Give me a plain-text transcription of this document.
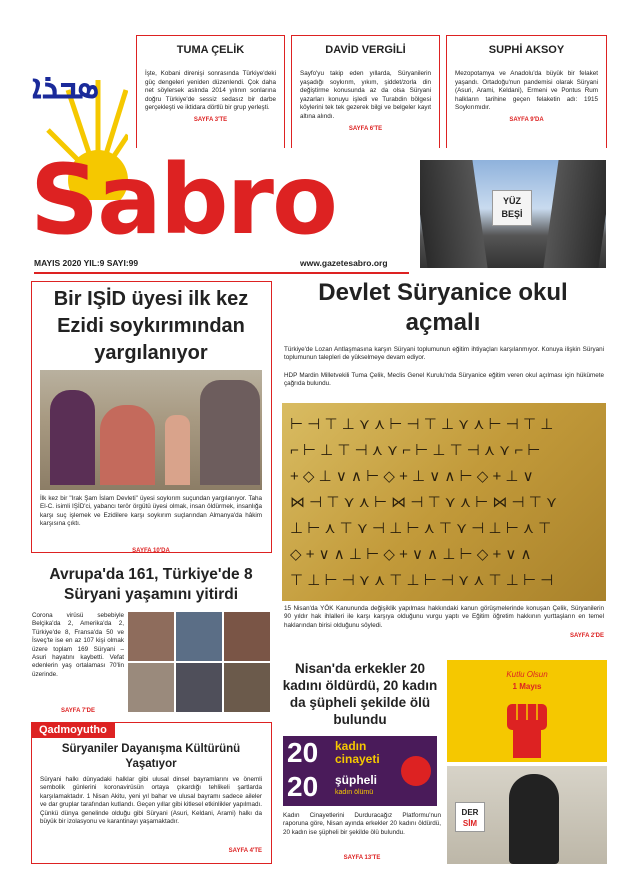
TUMA ÇELİK
İşte, Kobani direnişi sonrasında Türkiye'deki güç dengeleri yeniden düzenlendi. Çok daha net söylersek aslında 2014 yılının sonlarına doğru Türkiye'de sessiz sedasız bir darbe gerçekleşti ve iktidara dörtlü bir grup yerleşti.
SAYFA 3'TE
DAVİD VERGİLİ
Sayfo'yu takip eden yıllarda, Süryanilerin yaşadığı soykırım, yıkım, şiddet/zorla din değiştirme konusunda az da olsa Süryani yazarları konuyu işledi ve Turabdin bölgesi köylerini tek tek gezerek bilgi ve belgeler kayıt altına alındı.
SAYFA 6'TE
SUPHİ AKSOY
Mezopotamya ve Anadolu'da büyük bir felaket yaşandı. Ortadoğu'nun pandemisi olarak Süryani (Asuri, Arami, Keldani), Ermeni ve Pontus Rum halkların tarihine geçen felaketin adı: 1915 Soykırımıdır.
SAYFA 9'DA
ܣܒܪܐ
Sabro
MAYIS 2020 YIL:9 SAYI:99	www.gazetesabro.org
YÜZ
BEŞİ
Bir IŞİD üyesi ilk kez Ezidi soykırımından yargılanıyor
İlk kez bir "Irak Şam İslam Devleti" üyesi soykırım suçundan yargılanıyor. Taha El-C. isimli IŞİD'ci, yabancı terör örgütü üyesi olmak, insan öldürmek, insanlığa karşı suç işlemek ve Ezidilere karşı soykırım suçlarından Almanya'da hâkim karşısına çıktı.
SAYFA 10'DA
Devlet Süryanice okul açmalı
Türkiye'de Lozan Antlaşmasına karşın Süryani toplumunun eğitim ihtiyaçları karşılanmıyor. Konuya ilişkin Süryani toplumunun talepleri de yükselmeye devam ediyor.
HDP Mardin Milletvekili Tuma Çelik, Meclis Genel Kurulu'nda Süryanice eğitim veren okul açılması için hükümete çağrıda bulundu.
⊢ ⊣ ⊤ ⊥ ⋎ ⋏ ⊢ ⊣ ⊤ ⊥ ⋎ ⋏ ⊢ ⊣ ⊤ ⊥
⌐ ⊢ ⊥ ⊤ ⊣ ⋏ ⋎ ⌐ ⊢ ⊥ ⊤ ⊣ ⋏ ⋎ ⌐ ⊢
+ ◇ ⊥ ∨ ∧ ⊢ ◇ + ⊥ ∨ ∧ ⊢ ◇ + ⊥ ∨
⋈ ⊣ ⊤ ⋎ ⋏ ⊢ ⋈ ⊣ ⊤ ⋎ ⋏ ⊢ ⋈ ⊣ ⊤ ⋎
⊥ ⊢ ⋏ ⊤ ⋎ ⊣ ⊥ ⊢ ⋏ ⊤ ⋎ ⊣ ⊥ ⊢ ⋏ ⊤
◇ + ∨ ∧ ⊥ ⊢ ◇ + ∨ ∧ ⊥ ⊢ ◇ + ∨ ∧
⊤ ⊥ ⊢ ⊣ ⋎ ⋏ ⊤ ⊥ ⊢ ⊣ ⋎ ⋏ ⊤ ⊥ ⊢ ⊣
15 Nisan'da YÖK Kanununda değişiklik yapılması hakkındaki kanun görüşmelerinde konuşan Çelik, Süryanilerin 90 yıldır hak ihlalleri ile karşı karşıya olduğunu vurgu yaptı ve Eğitim öğretim hakkının yurttaşların en temel haklarından birisi olduğunu söyledi.
SAYFA 2'DE
Avrupa'da 161, Türkiye'de 8 Süryani yaşamını yitirdi
Corona virüsü sebebiyle Belçika'da 2, Amerika'da 2, Türkiye'de 8, Fransa'da 50 ve İsveç'te ise en az 107 kişi olmak üzere toplam 169 Süryani – Asuri hayatını kaybetti. Vefat edenlerin yaş ortalaması 70'lin üzerinde.
SAYFA 7'DE
Qadmoyutho
Süryaniler Dayanışma Kültürünü Yaşatıyor
Süryani halkı dünyadaki halklar gibi ulusal dinsel bayramlarını ve önemli sembolik günlerini koronavirüsün ortaya çıkardığı tehlikeli şartlarda karşılamaktadır. 1 Nisan Akitu, yeni yıl bahar ve ulusal bayramı sadece aileler ve dar gruplar tarafından kutlandı. Geçen yıllar gibi kitlesel etkinlikler yapılmadı. Çünkü dünya genelinde olduğu gibi Süryani (Asuri, Keldani, Arami) halkı da büyük bir izolasyonu ve karantinayı yaşamaktadır.
SAYFA 4'TE
Nisan'da erkekler 20 kadını öldürdü, 20 kadın da şüpheli şekilde ölü bulundu
20 kadın
cinayeti
20 şüpheli
kadın ölümü
Kadın Cinayetlerini Durduracağız Platformu'nun raporuna göre, Nisan ayında erkekler 20 kadını öldürdü, 20 kadın ise şüpheli bir şekilde ölü bulundu.
SAYFA 13'TE
Kutlu Olsun
1 Mayıs
DER
SİM
